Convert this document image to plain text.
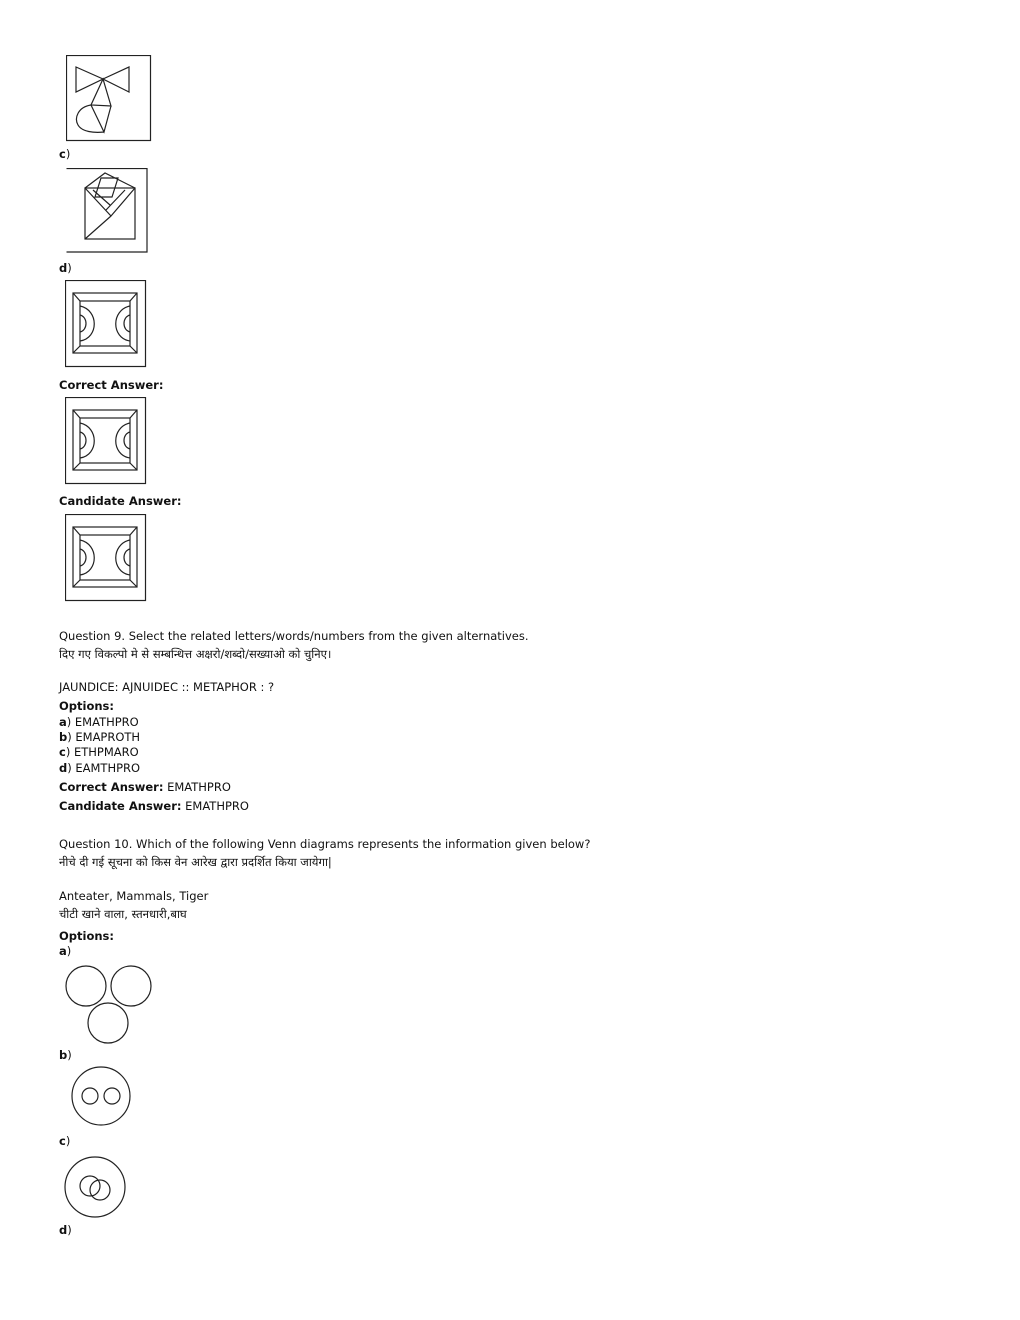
c)
d)
Correct Answer:
Candidate Answer:
Question 9. Select the related letters/words/numbers from the given alternatives.
दिए गए विकल्पो मे से सम्बन्धित्त अक्षरो/शब्दो/सख्याओ को चुनिए।
JAUNDICE: AJNUIDEC :: METAPHOR : ?
Options:
a) EMATHPRO
b) EMAPROTH
c) ETHPMARO
d) EAMTHPRO
Correct Answer: EMATHPRO
Candidate Answer: EMATHPRO
Question 10. Which of the following Venn diagrams represents the information given below?
नीचे दी गई सूचना को किस वेन आरेख द्वारा प्रदर्शित किया जायेगा|
Anteater, Mammals, Tiger
चीटी खाने वाला, स्तनधारी,बाघ
Options:
a)
b)
c)
d)
